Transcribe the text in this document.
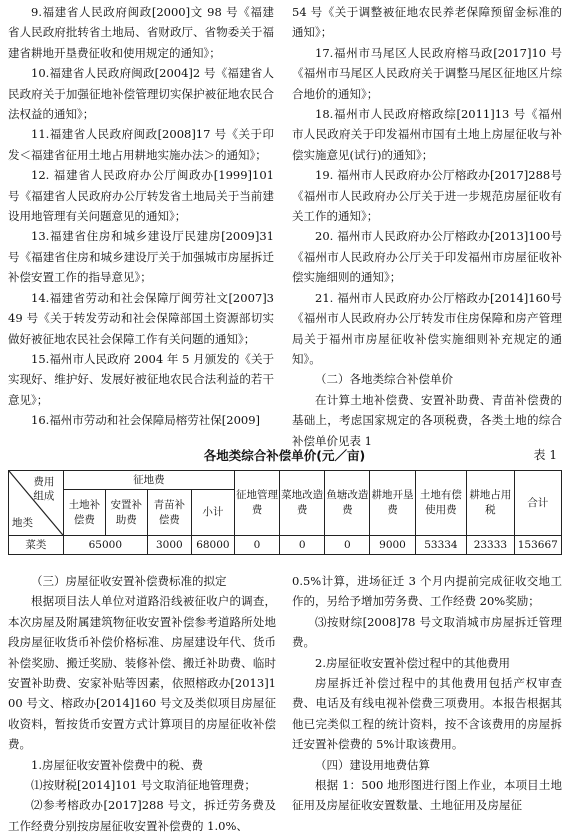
9.福建省人民政府闽政[2000]文 98 号《福建省人民政府批转省土地局、省财政厅、省物委关于福建省耕地开垦费征收和使用规定的通知》；

10.福建省人民政府闽政[2004]2 号《福建省人民政府关于加强征地补偿管理切实保护被征地农民合法权益的通知》；

11.福建省人民政府闽政[2008]17 号《关于印发＜福建省征用土地占用耕地实施办法＞的通知》；

12. 福建省人民政府办公厅闽政办[1999]101 号《福建省人民政府办公厅转发省土地局关于当前建设用地管理有关问题意见的通知》；

13.福建省住房和城乡建设厅民建房[2009]31号《福建省住房和城乡建设厅关于加强城市房屋拆迁补偿安置工作的指导意见》；

14.福建省劳动和社会保障厅闽劳社文[2007]349 号《关于转发劳动和社会保障部国土资源部切实做好被征地农民社会保障工作有关问题的通知》；

15.福州市人民政府 2004 年 5 月颁发的《关于实现好、维护好、发展好被征地农民合法利益的若干意见》；

16.福州市劳动和社会保障局榕劳社保[2009]

54 号《关于调整被征地农民养老保障预留金标准的通知》；

17.福州市马尾区人民政府榕马政[2017]10 号《福州市马尾区人民政府关于调整马尾区征地区片综合地价的通知》；

18.福州市人民政府榕政综[2011]13 号《福州市人民政府关于印发福州市国有土地上房屋征收与补偿实施意见(试行)的通知》；

19. 福州市人民政府办公厅榕政办[2017]288号《福州市人民政府办公厅关于进一步规范房屋征收有关工作的通知》；

20. 福州市人民政府办公厅榕政办[2013]100号《福州市人民政府办公厅关于印发福州市房屋征收补偿实施细则的通知》；

21. 福州市人民政府办公厅榕政办[2014]160号《福州市人民政府办公厅转发市住房保障和房产管理局关于福州市房屋征收补偿实施细则补充规定的通知》。

（二）各地类综合补偿单价

在计算土地补偿费、安置补助费、青苗补偿费的基础上，考虑国家规定的各项税费，各类土地的综合补偿单价见表 1

各地类综合补偿单价(元／亩)	表 1
费用组成
地类	征地费				征地管理费	菜地改造费	鱼塘改造费	耕地开垦费	土地有偿使用费	耕地占用税	合计
	土地补偿费	安置补助费	青苗补偿费	小计							
菜类	65000		3000	68000	0	0	0	9000	53334	23333	153667
（三）房屋征收安置补偿费标准的拟定

根据项目法人单位对道路沿线被征收户的调查，本次房屋及附属建筑物征收安置补偿参考道路所处地段房屋征收货币补偿价格标准、房屋建设年代、货币补偿奖励、搬迁奖励、装修补偿、搬迁补助费、临时安置补助费、安家补贴等因素，依照榕政办[2013]100 号文、榕政办[2014]160 号文及类似项目房屋征收资料，暂按货币安置方式计算项目的房屋征收补偿费。

1.房屋征收安置补偿费中的税、费

⑴按财税[2014]101 号文取消征地管理费；

⑵参考榕政办[2017]288 号文，拆迁劳务费及工作经费分别按房屋征收安置补偿费的 1.0%、

0.5%计算，进场征迁 3 个月内提前完成征收交地工作的，另给予增加劳务费、工作经费 20%奖励；

⑶按财综[2008]78 号文取消城市房屋拆迁管理费。

2.房屋征收安置补偿过程中的其他费用

房屋拆迁补偿过程中的其他费用包括产权审查费、电话及有线电视补偿费三项费用。本报告根据其他已完类似工程的统计资料，按不含该费用的房屋拆迁安置补偿费的 5%计取该费用。

（四）建设用地费估算

根据 1：500 地形图进行图上作业，本项目土地征用及房屋征收安置数量、土地征用及房屋征
